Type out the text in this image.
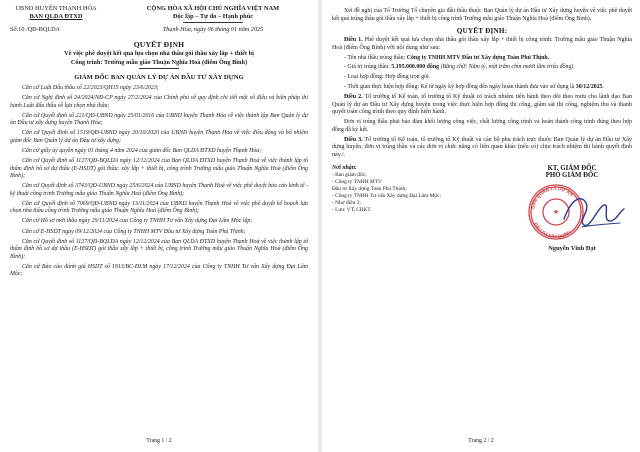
UBND HUYỆN THẠNH HÓA
BAN QLDA ĐTXD
CỘNG HÒA XÃ HỘI CHỦ NGHĨA VIỆT NAM
Độc lập – Tự do – Hạnh phúc
Số:10 /QĐ-BQLDA	Thạnh Hóa, ngày 06 tháng 01 năm 2025
QUYẾT ĐỊNH
Về việc phê duyệt kết quả lựa chọn nhà thầu gói thầu xây lắp + thiết bị
Công trình: Trường mẫu giáo Thuận Nghĩa Hoà (điểm Ông Bình)
GIÁM ĐỐC BAN QUẢN LÝ DỰ ÁN ĐẦU TƯ XÂY DỰNG

Căn cứ Luật Đấu thầu số 22/2023/QH15 ngày 23/6/2023;

Căn cứ Nghị định số 24/2024/NĐ-CP ngày 27/2/2024 của Chính phủ về quy định chi tiết một số điều và biện pháp thi hành Luật đấu thầu về lựa chọn nhà thầu;

Căn cứ Quyết định số 221/QĐ-UBND ngày 25/01/2016 của UBND huyện Thạnh Hóa về việc thành lập Ban Quản lý dự án Đầu tư xây dựng huyện Thạnh Hóa;

Căn cứ Quyết định số 1519/QĐ-UBND ngày 20/10/2020 của UBND huyện Thạnh Hóa về việc điều động và bổ nhiệm giám đốc Ban Quản lý dự án Đầu tư xây dựng;

Căn cứ giấy ủy quyền ngày 01 tháng 4 năm 2024 của giám đốc Ban QLDA ĐTXD huyện Thạnh Hóa;

Căn cứ Quyết định số 1127/QĐ-BQLDA ngày 12/12/2024 của Ban QLDA ĐTXD huyện Thạnh Hoá về việc thành lập tổ thẩm định hồ sơ dự thầu (E-HSDT) gói thầu: xây lắp + thiết bị, công trình Trường mẫu giáo Thuận Nghĩa Hoà (điểm Ông Bình);

Căn cứ Quyết định số 3743/QĐ-UBND ngày 25/6/2024 của UBND huyện Thạnh Hoá về việc phê duyệt báo cáo kinh tế - kỹ thuật công trình Trường mẫu giáo Thuận Nghĩa Hoà (điểm Ông Bình);

Căn cứ Quyết định số 7069/QĐ-UBND ngày 13/11/2024 của UBND huyện Thạnh Hoá về việc phê duyệt kế hoạch lựa chọn nhà thầu công trình Trường mẫu giáo Thuận Nghĩa Hoà (điểm Ông Bình);

Căn cứ Hồ sơ mời thầu ngày 29/11/2024 của Công ty TNHH Tư vấn Xây dựng Đại Lâm Mộc lập;

Căn cứ E-HSDT ngày 09/12/2024 của Công ty TNHH MTV Đầu tư Xây dựng Toàn Phú Thịnh;

Căn cứ Quyết định số 1127/QĐ-BQLDA ngày 12/12/2024 của Ban QLDA ĐTXD huyện Thạnh Hoá về việc thành lập tổ thẩm định hồ sơ dự thầu (E-HSDT) gói thầu xây lắp + thiết bị, công trình Trường mẫu giáo Thuận Nghĩa Hoà (điểm Ông Bình);

Căn cứ Báo cáo đánh giá HSDT số 1913/BC-ĐLM ngày 17/12/2024 của Công ty TNHH Tư vấn Xây dựng Đại Lâm Mộc;

Trang 1 / 2

Xét đề nghị của Tổ Trưởng Tổ chuyên gia đấu thầu thuộc Ban Quản lý dự án Đầu tư Xây dựng huyện về việc phê duyệt kết quả trúng thầu gói thầu xây lắp + thiết bị công trình Trường mẫu giáo Thuận Nghĩa Hoà (điểm Ông Bình).

QUYẾT ĐỊNH:

Điều 1. Phê duyệt kết quả lựa chọn nhà thầu gói thầu xây lắp + thiết bị công trình: Trường mẫu giáo Thuận Nghĩa Hoà (điểm Ông Bình) với nội dung như sau:

- Tên nhà thầu trúng thầu: Công ty TNHH MTV Đầu tư Xây dựng Toàn Phú Thịnh.

- Giá trị trúng thầu: 5.195.000.000 đồng (Bằng chữ: Năm tỷ, một trăm chín mươi lăm triệu đồng)

- Loại hợp đồng: Hợp đồng trọn gói.

- Thời gian thực hiện hợp đồng: Kể từ ngày ký hợp đồng đến ngày hoàn thành đưa vào sử dụng là 30/12/2025.

Điều 2. Tổ trưởng tổ Kế toán, tổ trưởng tổ Kỹ thuật có trách nhiệm tiến hành theo dõi theo mưu cho lãnh đạo Ban Quản lý dự án Đầu tư Xây dựng huyện trong việc thực hiện hợp đồng thi công, giám sát thi công, nghiệm thu và thanh quyết toán công trình theo quy định hiện hành.

Đơn vị trúng thầu phải bảo đảm khối lượng công việc, chất lượng công trình và hoàn thành công trình đúng theo hợp đồng đã ký kết.

Điều 3. Tổ trưởng tổ Kế toán, tổ trưởng tổ Kỹ thuật và cán bộ phụ trách trực thuộc Ban Quản lý dự án Đầu tư Xây dựng huyện, đơn vị trúng thầu và các đơn vị chức năng có liên quan khác (nếu có) chịu trách nhiệm thi hành quyết định này./.

Nơi nhận:
- Ban giám đốc;
- Công ty TNHH MTV
Đầu tư Xây dựng Toàn Phú Thịnh;
- Công ty TNHH Tư vấn Xây dựng Đại Lâm Mộc;
- Như điều 3;
- Lưu: VT, CBKT.
KT. GIÁM ĐỐC
PHÓ GIÁM ĐỐC
BAN QUẢN LÝ DỰ ÁN
ĐẦU TƯ XÂY DỰNG
★
Nguyễn Vĩnh Đạt
Trang 2 / 2
